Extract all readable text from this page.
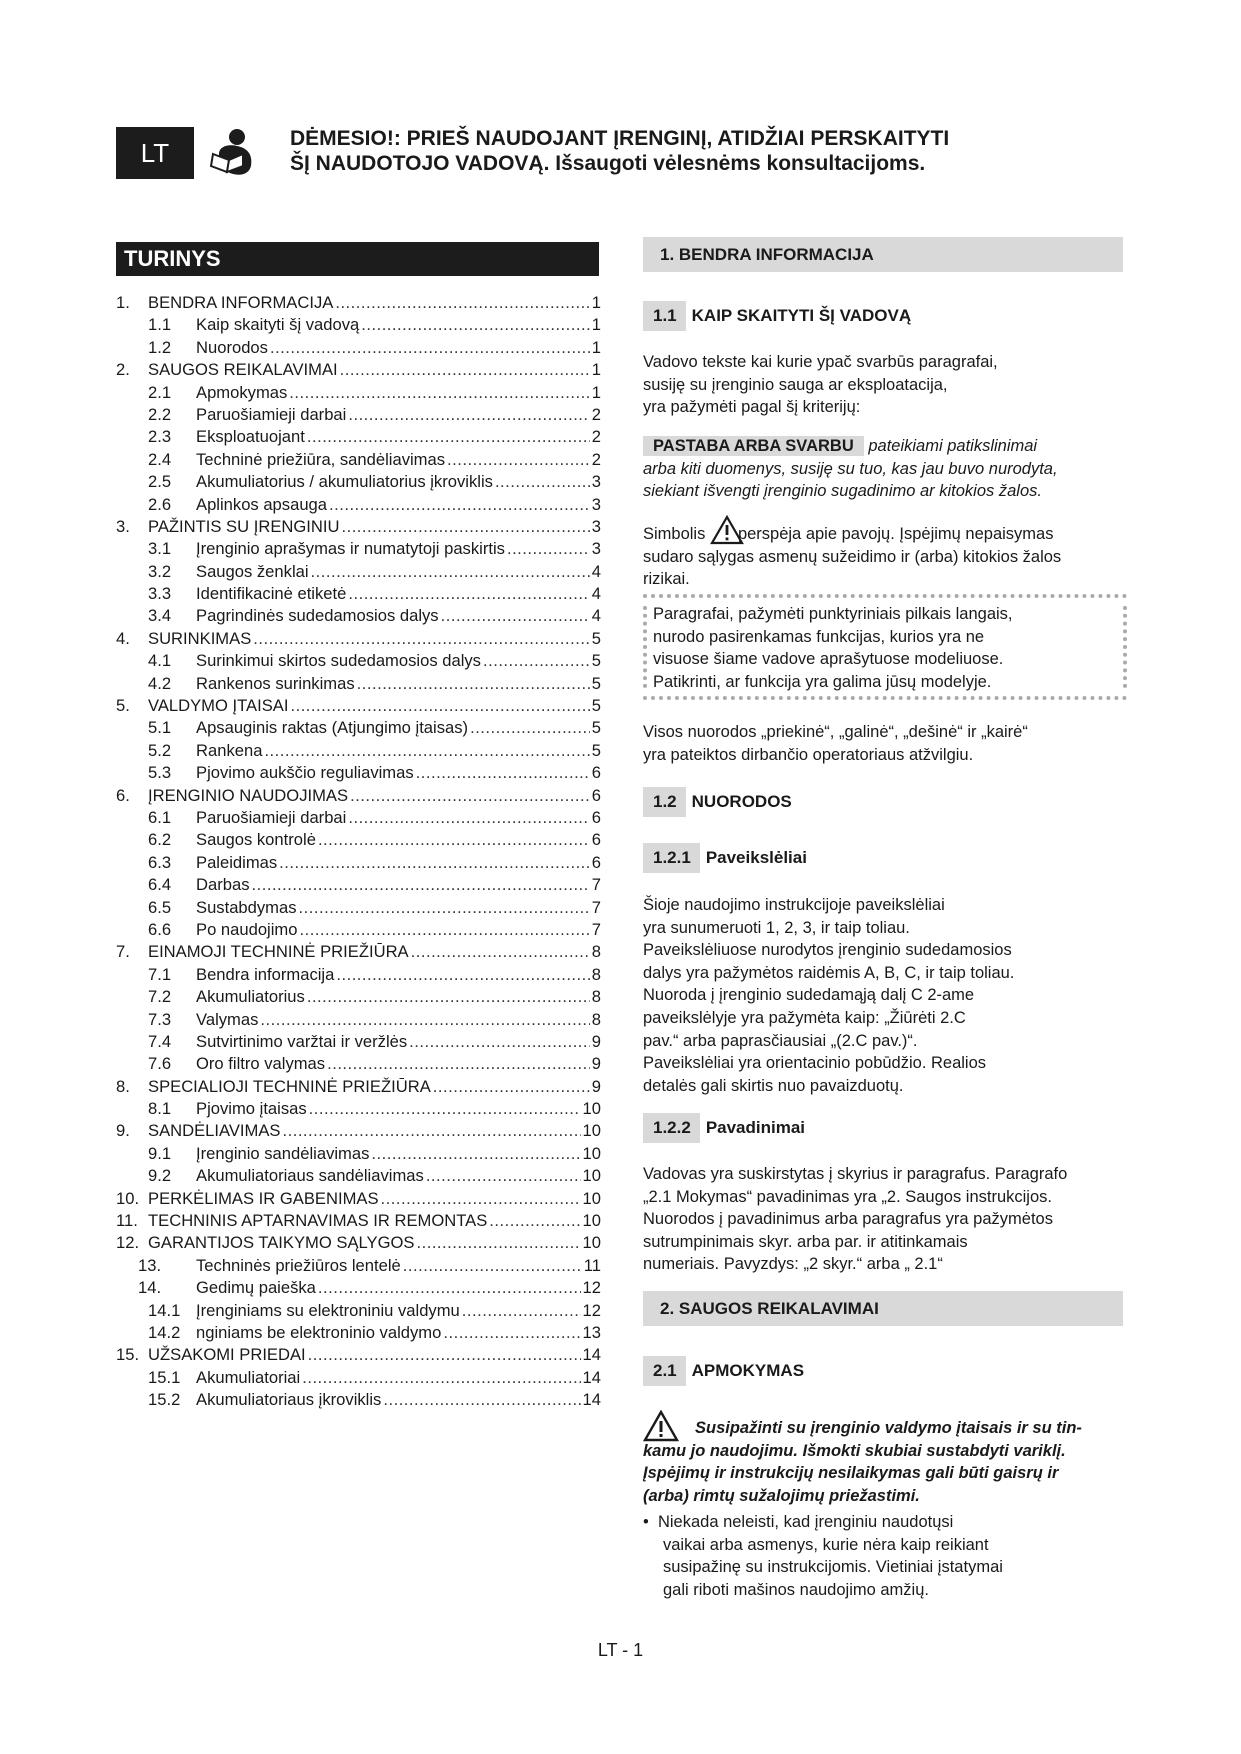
LT	DĖMESIO!: PRIEŠ NAUDOJANT ĮRENGINĮ, ATIDŽIAI PERSKAITYTI
ŠĮ NAUDOTOJO VADOVĄ. Išsaugoti vėlesnėms konsultacijoms.
TURINYS
1.	BENDRA INFORMACIJA .....	1
1.1	Kaip skaityti šį vadovą .....	1
1.2	Nuorodos .....	1
2.	SAUGOS REIKALAVIMAI .....	1
2.1	Apmokymas .....	1
2.2	Paruošiamieji darbai .....	2
2.3	Eksploatuojant .....	2
2.4	Techninė priežiūra, sandėliavimas .....	2
2.5	Akumuliatorius / akumuliatorius įkroviklis .....	3
2.6	Aplinkos apsauga .....	3
3.	PAŽINTIS SU ĮRENGINIU .....	3
3.1	Įrenginio aprašymas ir numatytoji paskirtis .....	3
3.2	Saugos ženklai .....	4
3.3	Identifikacinė etiketė .....	4
3.4	Pagrindinės sudedamosios dalys .....	4
4.	SURINKIMAS .....	5
4.1	Surinkimui skirtos sudedamosios dalys .....	5
4.2	Rankenos surinkimas .....	5
5.	VALDYMO ĮTAISAI .....	5
5.1	Apsauginis raktas (Atjungimo įtaisas) .....	5
5.2	Rankena .....	5
5.3	Pjovimo aukščio reguliavimas .....	6
6.	ĮRENGINIO NAUDOJIMAS .....	6
6.1	Paruošiamieji darbai .....	6
6.2	Saugos kontrolė .....	6
6.3	Paleidimas .....	6
6.4	Darbas .....	7
6.5	Sustabdymas .....	7
6.6	Po naudojimo .....	7
7.	EINAMOJI TECHNINĖ PRIEŽIŪRA .....	8
7.1	Bendra informacija .....	8
7.2	Akumuliatorius .....	8
7.3	Valymas .....	8
7.4	Sutvirtinimo varžtai ir veržlės .....	9
7.6	Oro filtro valymas .....	9
8.	SPECIALIOJI TECHNINĖ PRIEŽIŪRA .....	9
8.1	Pjovimo įtaisas .....	10
9.	SANDĖLIAVIMAS .....	10
9.1	Įrenginio sandėliavimas .....	10
9.2	Akumuliatoriaus sandėliavimas .....	10
10. PERKĖLIMAS IR GABENIMAS .....	10
11. TECHNINIS APTARNAVIMAS IR REMONTAS .....	10
12. GARANTIJOS TAIKYMO SĄLYGOS .....	10
13.	Techninės priežiūros lentelė .....	11
14.	Gedimų paieška .....	12
14.1 Įrenginiams su elektroniniu valdymu .....	12
14.2 nginiams be elektroninio valdymo .....	13
15. UŽSAKOMI PRIEDAI .....	14
15.1 Akumuliatoriai .....	14
15.2 Akumuliatoriaus įkroviklis .....	14
1. BENDRA INFORMACIJA
1.1 KAIP SKAITYTI ŠĮ VADOVĄ
Vadovo tekste kai kurie ypač svarbūs paragrafai,
susiję su įrenginio sauga ar eksploatacija,
yra pažymėti pagal šį kriterijų:
PASTABA ARBA SVARBU pateikiami patikslinimai
arba kiti duomenys, susiję su tuo, kas jau buvo nurodyta,
siekiant išvengti įrenginio sugadinimo ar kitokios žalos.
Simbolis perspėja apie pavojų. Įspėjimų nepaisymas
sudaro sąlygas asmenų sužeidimo ir (arba) kitokios žalos
rizikai.
Paragrafai, pažymėti punktyriniais pilkais langais,
nurodo pasirenkamas funkcijas, kurios yra ne
visuose šiame vadove aprašytuose modeliuose.
Patikrinti, ar funkcija yra galima jūsų modelyje.
Visos nuorodos „priekinė“, „galinė“, „dešinė“ ir „kairė“
yra pateiktos dirbančio operatoriaus atžvilgiu.
1.2 NUORODOS
1.2.1 Paveikslėliai
Šioje naudojimo instrukcijoje paveikslėliai
yra sunumeruoti 1, 2, 3, ir taip toliau.
Paveikslėliuose nurodytos įrenginio sudedamosios
dalys yra pažymėtos raidėmis A, B, C, ir taip toliau.
Nuoroda į įrenginio sudedamąją dalį C 2-ame
paveikslėlyje yra pažymėta kaip: „Žiūrėti 2.C
pav.“ arba paprasčiausiai „(2.C pav.)“.
Paveikslėliai yra orientacinio pobūdžio. Realios
detalės gali skirtis nuo pavaizduotų.
1.2.2 Pavadinimai
Vadovas yra suskirstytas į skyrius ir paragrafus. Paragrafo
„2.1 Mokymas“ pavadinimas yra „2. Saugos instrukcijos.
Nuorodos į pavadinimus arba paragrafus yra pažymėtos
sutrumpinimais skyr. arba par. ir atitinkamais
numeriais. Pavyzdys: „2 skyr.“ arba „ 2.1“
2. SAUGOS REIKALAVIMAI
2.1 APMOKYMAS
Susipažinti su įrenginio valdymo įtaisais ir su tin-
kamu jo naudojimu. Išmokti skubiai sustabdyti variklį.
Įspėjimų ir instrukcijų nesilaikymas gali būti gaisrų ir
(arba) rimtų sužalojimų priežastimi.
• Niekada neleisti, kad įrenginiu naudotųsi
vaikai arba asmenys, kurie nėra kaip reikiant
susipažinę su instrukcijomis. Vietiniai įstatymai
gali riboti mašinos naudojimo amžių.
LT - 1
